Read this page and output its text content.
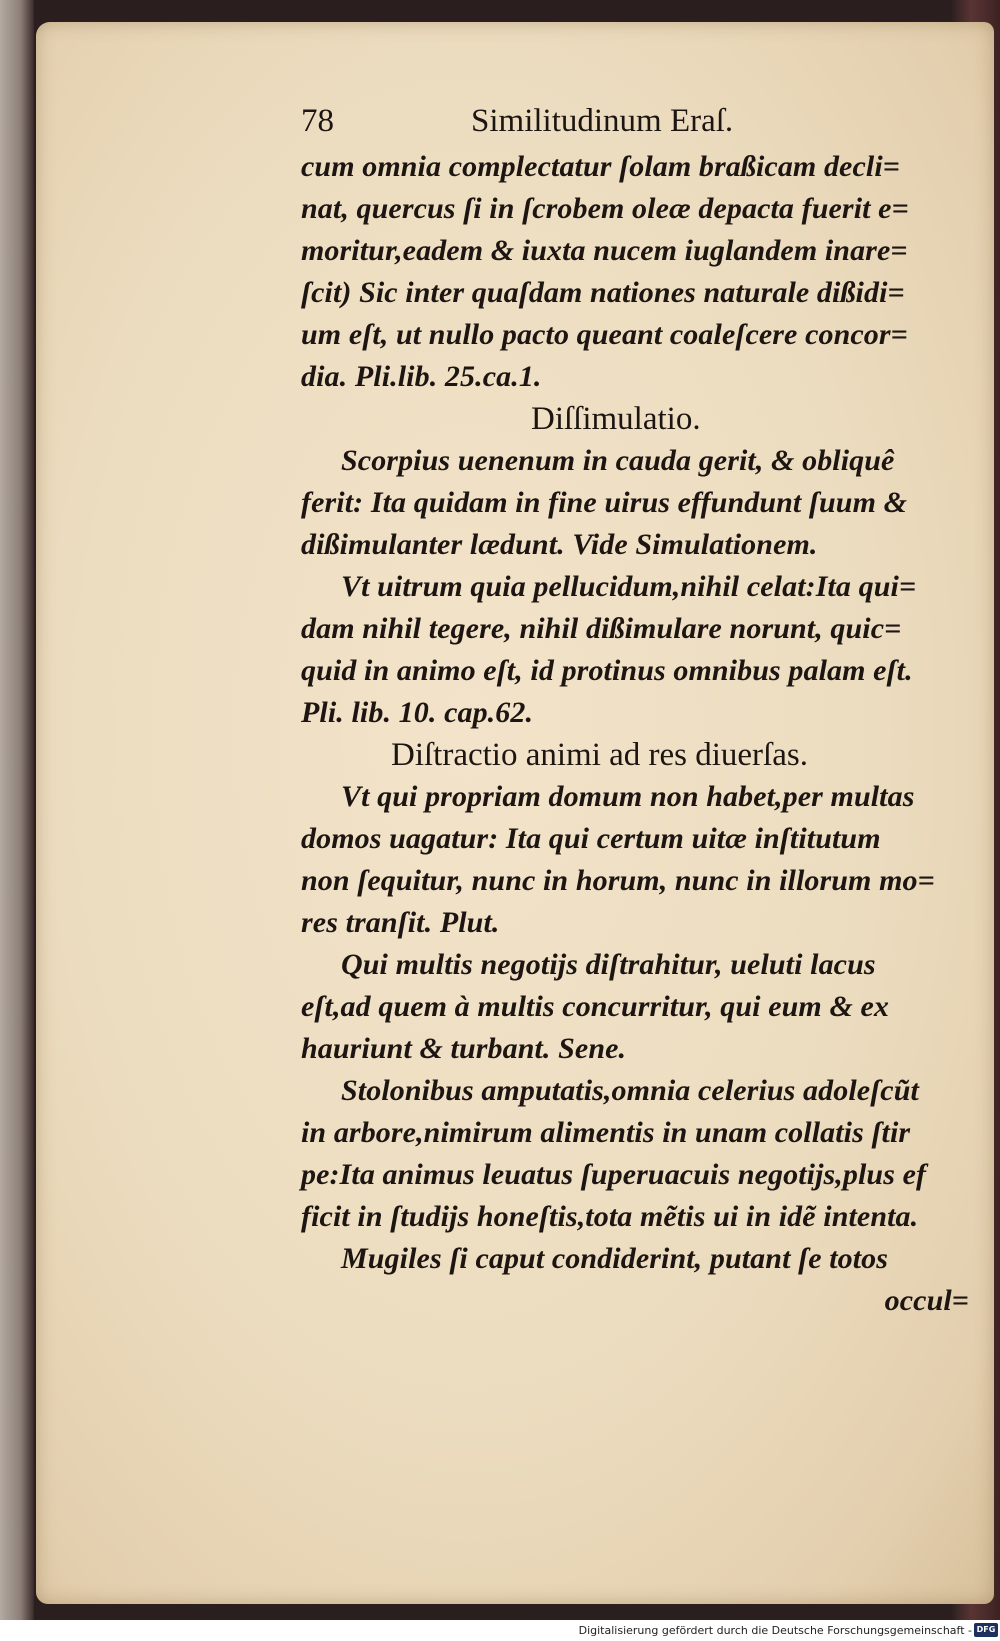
78	Similitudinum Eraſ.
cum omnia complectatur ſolam braßicam decli=
nat, quercus ſi in ſcrobem oleæ depacta fuerit e=
moritur,eadem & iuxta nucem iuglandem inare=
ſcit) Sic inter quaſdam nationes naturale dißidi=
um eſt, ut nullo pacto queant coaleſcere concor=
dia. Pli.lib. 25.ca.1.
Diſſimulatio.
Scorpius uenenum in cauda gerit, & obliquê
ferit: Ita quidam in fine uirus effundunt ſuum &
dißimulanter lædunt. Vide Simulationem.
Vt uitrum quia pellucidum,nihil celat:Ita qui=
dam nihil tegere, nihil dißimulare norunt, quic=
quid in animo eſt, id protinus omnibus palam eſt.
Pli. lib. 10. cap.62.
Diſtractio animi ad res diuerſas.
Vt qui propriam domum non habet,per multas
domos uagatur: Ita qui certum uitæ inſtitutum
non ſequitur, nunc in horum, nunc in illorum mo=
res tranſit. Plut.
Qui multis negotijs diſtrahitur, ueluti lacus
eſt,ad quem à multis concurritur, qui eum & ex
hauriunt & turbant. Sene.
Stolonibus amputatis,omnia celerius adoleſcũt
in arbore,nimirum alimentis in unam collatis ſtir
pe:Ita animus leuatus ſuperuacuis negotijs,plus ef
ficit in ſtudijs honeſtis,tota mẽtis ui in idẽ intenta.
Mugiles ſi caput condiderint, putant ſe totos
occul=
Digitalisierung gefördert durch die Deutsche Forschungsgemeinschaft - DFG
